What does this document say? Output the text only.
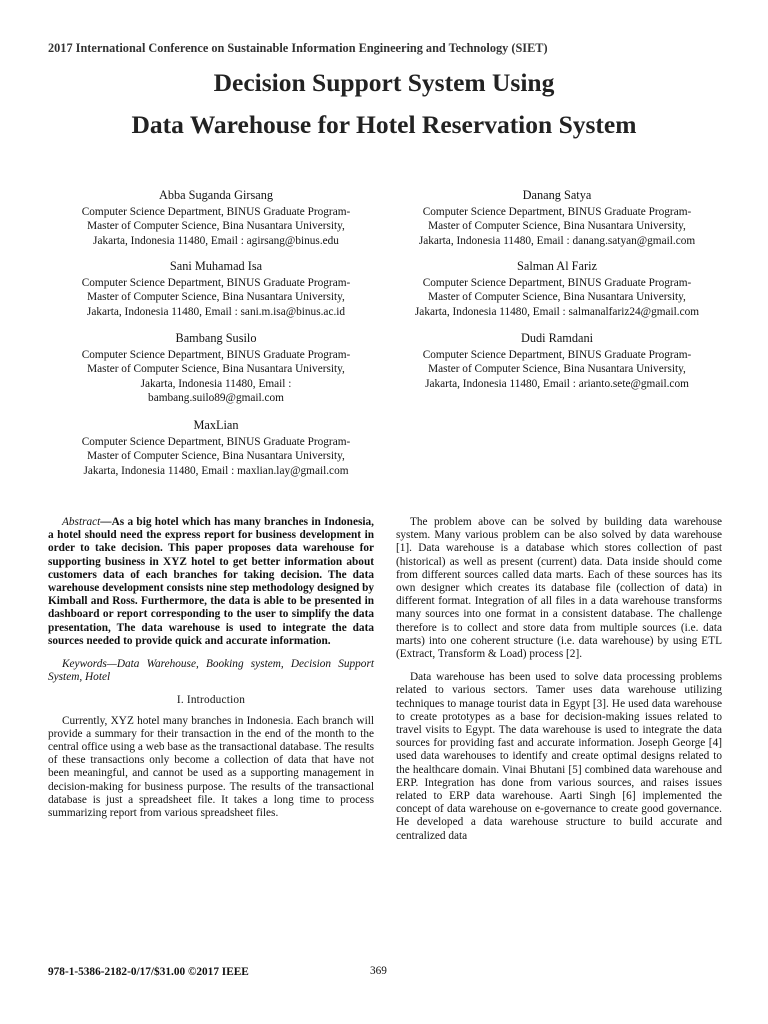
2017 International Conference on Sustainable Information Engineering and Technology (SIET)
Decision Support System Using
Data Warehouse for Hotel Reservation System
Abba Suganda Girsang
Computer Science Department, BINUS Graduate Program-
Master of Computer Science, Bina Nusantara University,
Jakarta, Indonesia 11480, Email : agirsang@binus.edu
Danang Satya
Computer Science Department, BINUS Graduate Program-
Master of Computer Science, Bina Nusantara University,
Jakarta, Indonesia 11480, Email : danang.satyan@gmail.com
Sani Muhamad Isa
Computer Science Department, BINUS Graduate Program-
Master of Computer Science, Bina Nusantara University,
Jakarta, Indonesia 11480, Email : sani.m.isa@binus.ac.id
Salman Al Fariz
Computer Science Department, BINUS Graduate Program-
Master of Computer Science, Bina Nusantara University,
Jakarta, Indonesia 11480, Email : salmanalfariz24@gmail.com
Bambang Susilo
Computer Science Department, BINUS Graduate Program-
Master of Computer Science, Bina Nusantara University,
Jakarta, Indonesia 11480, Email :
bambang.suilo89@gmail.com
Dudi Ramdani
Computer Science Department, BINUS Graduate Program-
Master of Computer Science, Bina Nusantara University,
Jakarta, Indonesia 11480, Email : arianto.sete@gmail.com
MaxLian
Computer Science Department, BINUS Graduate Program-
Master of Computer Science, Bina Nusantara University,
Jakarta, Indonesia 11480, Email : maxlian.lay@gmail.com

Abstract—As a big hotel which has many branches in Indonesia, a hotel should need the express report for business development in order to take decision. This paper proposes data warehouse for supporting business in XYZ hotel to get better information about customers data of each branches for taking decision. The data warehouse development consists nine step methodology designed by Kimball and Ross. Furthermore, the data is able to be presented in dashboard or report corresponding to the user to simplify the data presentation, The data warehouse is used to integrate the data sources needed to provide quick and accurate information.

Keywords—Data Warehouse, Booking system, Decision Support System, Hotel

I. Introduction

Currently, XYZ hotel many branches in Indonesia. Each branch will provide a summary for their transaction in the end of the month to the central office using a web base as the transactional database. The results of these transactions only become a collection of data that have not been meaningful, and cannot be used as a supporting management in decision-making for business purpose. The results of the transactional database is just a spreadsheet file. It takes a long time to process summarizing report from various spreadsheet files.

The problem above can be solved by building data warehouse system. Many various problem can be also solved by data warehouse [1]. Data warehouse is a database which stores collection of past (historical) as well as present (current) data. Data inside should come from different sources called data marts. Each of these sources has its own designer which creates its database file (collection of data) in different format. Integration of all files in a data warehouse transforms many sources into one format in a consistent database. The challenge therefore is to collect and store data from multiple sources (i.e. data marts) into one coherent structure (i.e. data warehouse) by using ETL (Extract, Transform & Load) process [2].

Data warehouse has been used to solve data processing problems related to various sectors. Tamer uses data warehouse utilizing techniques to manage tourist data in Egypt [3]. He used data warehouse to create prototypes as a base for decision-making issues related to travel visits to Egypt. The data warehouse is used to integrate the data sources for providing fast and accurate information. Joseph George [4] used data warehouses to identify and create optimal designs related to the healthcare domain. Vinai Bhutani [5] combined data warehouse and ERP. Integration has done from various sources, and raises issues related to ERP data warehouse. Aarti Singh [6] implemented the concept of data warehouse on e-governance to create good governance. He developed a data warehouse structure to build accurate and centralized data

978-1-5386-2182-0/17/$31.00 ©2017 IEEE	369
